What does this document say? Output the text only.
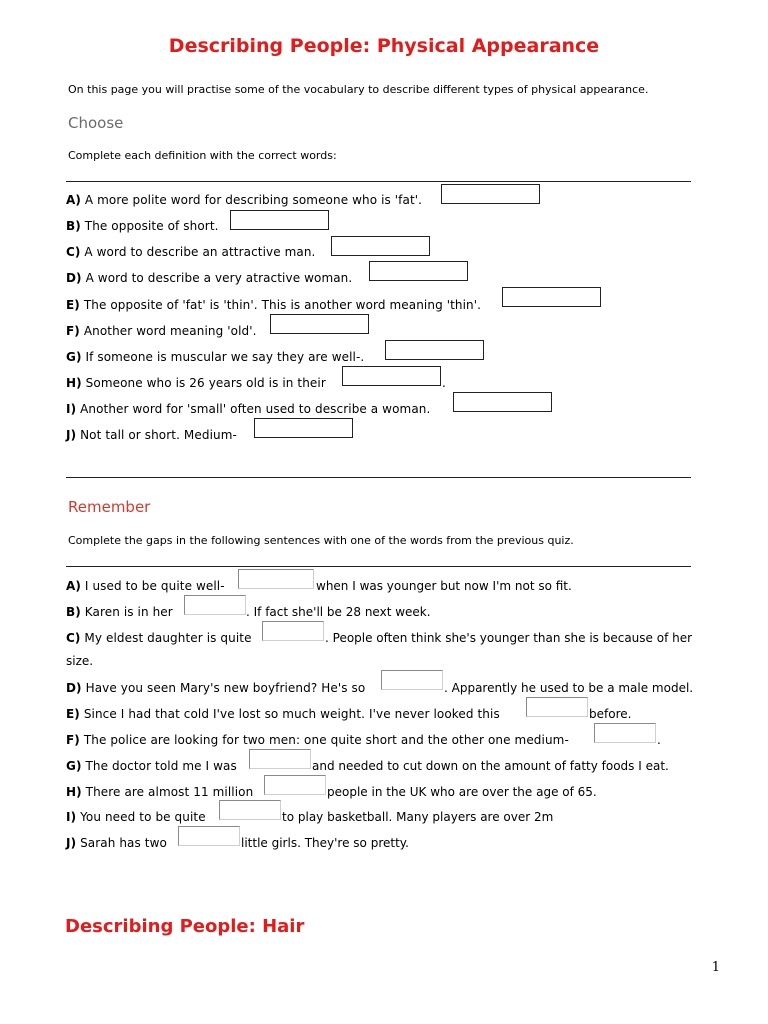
Describing People: Physical Appearance
On this page you will practise some of the vocabulary to describe different types of physical appearance.
Choose
Complete each definition with the correct words:
A) A more polite word for describing someone who is 'fat'.
B) The opposite of short.
C) A word to describe an attractive man.
D) A word to describe a very atractive woman.
E) The opposite of 'fat' is 'thin'. This is another word meaning 'thin'.
F) Another word meaning 'old'.
G) If someone is muscular we say they are well-.
H) Someone who is 26 years old is in their	.
I) Another word for 'small' often used to describe a woman.
J) Not tall or short. Medium-
Remember
Complete the gaps in the following sentences with one of the words from the previous quiz.
A) I used to be quite well-	when I was younger but now I'm not so fit.
B) Karen is in her	. If fact she'll be 28 next week.
C) My eldest daughter is quite	. People often think she's younger than she is because of her
size.
D) Have you seen Mary's new boyfriend? He's so	. Apparently he used to be a male model.
E) Since I had that cold I've lost so much weight. I've never looked this	before.
F) The police are looking for two men: one quite short and the other one medium-	.
G) The doctor told me I was	and needed to cut down on the amount of fatty foods I eat.
H) There are almost 11 million	people in the UK who are over the age of 65.
I) You need to be quite	to play basketball. Many players are over 2m
J) Sarah has two	little girls. They're so pretty.
Describing People: Hair
1
